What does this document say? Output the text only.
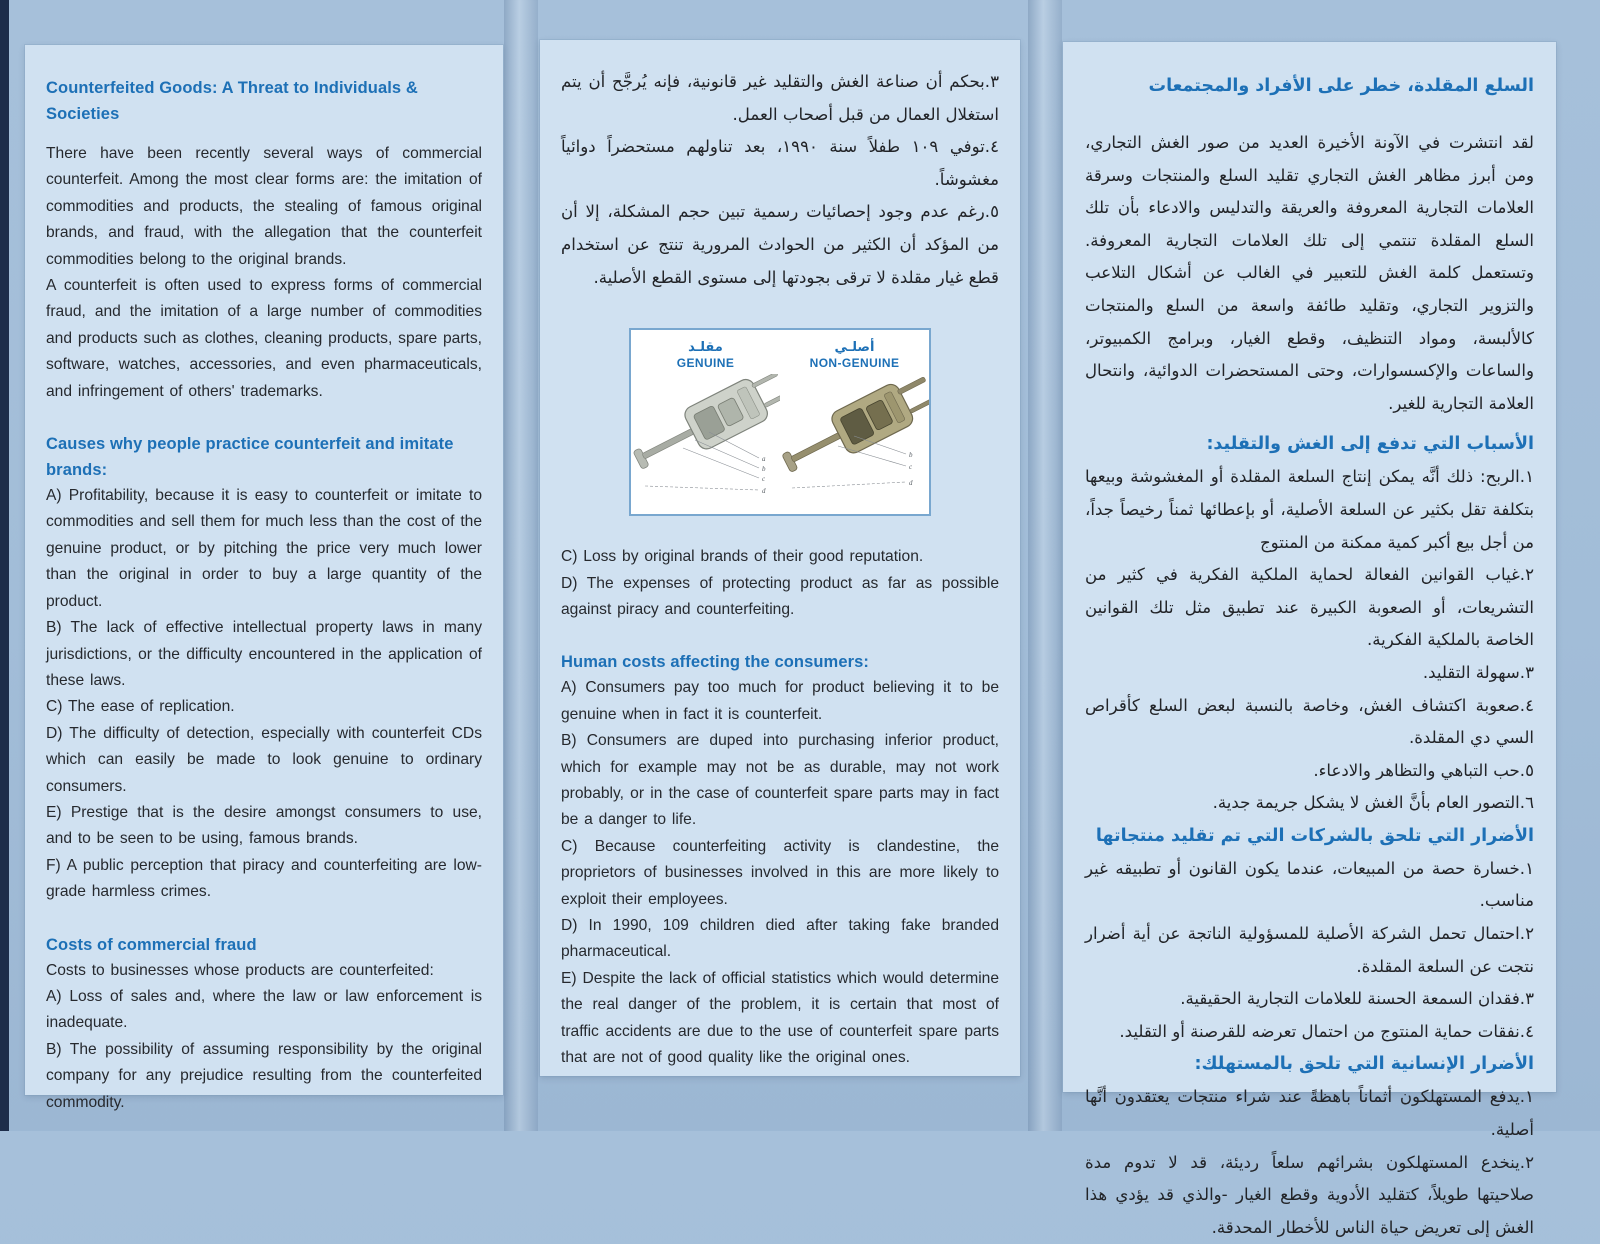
Counterfeited Goods: A Threat to Individuals & Societies

There have been recently several ways of commercial counterfeit. Among the most clear forms are: the imitation of commodities and products, the stealing of famous original brands, and fraud, with the allegation that the counterfeit commodities belong to the original brands.

A counterfeit is often used to express forms of commercial fraud, and the imitation of a large number of commodities and products such as clothes, cleaning products, spare parts, software, watches, accessories, and even pharmaceuticals, and infringement of others' trademarks.

Causes why people practice counterfeit and imitate brands:

A) Profitability, because it is easy to counterfeit or imitate to commodities and sell them for much less than the cost of the genuine product, or by pitching the price very much lower than the original in order to buy a large quantity of the product.

B) The lack of effective intellectual property laws in many jurisdictions, or the difficulty encountered in the application of these laws.

C) The ease of replication.

D) The difficulty of detection, especially with counterfeit CDs which can easily be made to look genuine to ordinary consumers.

E) Prestige that is the desire amongst consumers to use, and to be seen to be using, famous brands.

F) A public perception that piracy and counterfeiting are low-grade harmless crimes.

Costs of commercial fraud

Costs to businesses whose products are counterfeited:

A) Loss of sales and, where the law or law enforcement is inadequate.

B) The possibility of assuming responsibility by the original company for any prejudice resulting from the counterfeited commodity.

٣.بحكم أن صناعة الغش والتقليد غير قانونية، فإنه يُرجَّح أن يتم استغلال العمال من قبل أصحاب العمل.

٤.توفي ١٠٩ طفلاً سنة ١٩٩٠، بعد تناولهم مستحضراً دوائياً مغشوشاً.

٥.رغم عدم وجود إحصائيات رسمية تبين حجم المشكلة، إلا أن من المؤكد أن الكثير من الحوادث المرورية تنتج عن استخدام قطع غيار مقلدة لا ترقى بجودتها إلى مستوى القطع الأصلية.

مقلـد
GENUINE
أصلـي
NON-GENUINE
a
b
c
d
b
c
d

C) Loss by original brands of their good reputation.

D) The expenses of protecting product as far as possible against piracy and counterfeiting.

Human costs affecting the consumers:

A) Consumers pay too much for product believing it to be genuine when in fact it is counterfeit.

B) Consumers are duped into purchasing inferior product, which for example may not be as durable, may not work probably, or in the case of counterfeit spare parts may in fact be a danger to life.

C) Because counterfeiting activity is clandestine, the proprietors of businesses involved in this are more likely to exploit their employees.

D) In 1990, 109 children died after taking fake branded pharmaceutical.

E) Despite the lack of official statistics which would determine the real danger of the problem, it is certain that most of traffic accidents are due to the use of counterfeit spare parts that are not of good quality like the original ones.

السلع المقلدة، خطر على الأفراد والمجتمعات

لقد انتشرت في الآونة الأخيرة العديد من صور الغش التجاري، ومن أبرز مظاهر الغش التجاري تقليد السلع والمنتجات وسرقة العلامات التجارية المعروفة والعريقة والتدليس والادعاء بأن تلك السلع المقلدة تنتمي إلى تلك العلامات التجارية المعروفة. وتستعمل كلمة الغش للتعبير في الغالب عن أشكال التلاعب والتزوير التجاري، وتقليد طائفة واسعة من السلع والمنتجات كالألبسة، ومواد التنظيف، وقطع الغيار، وبرامج الكمبيوتر، والساعات والإكسسوارات، وحتى المستحضرات الدوائية، وانتحال العلامة التجارية للغير.

الأسباب التي تدفع إلى الغش والتقليد:

١.الربح: ذلك أنَّه يمكن إنتاج السلعة المقلدة أو المغشوشة وبيعها بتكلفة تقل بكثير عن السلعة الأصلية، أو بإعطائها ثمناً رخيصاً جداً، من أجل بيع أكبر كمية ممكنة من المنتوج

٢.غياب القوانين الفعالة لحماية الملكية الفكرية في كثير من التشريعات، أو الصعوبة الكبيرة عند تطبيق مثل تلك القوانين الخاصة بالملكية الفكرية.

٣.سهولة التقليد.

٤.صعوبة اكتشاف الغش، وخاصة بالنسبة لبعض السلع كأقراص السي دي المقلدة.

٥.حب التباهي والتظاهر والادعاء.

٦.التصور العام بأنَّ الغش لا يشكل جريمة جدية.

الأضرار التي تلحق بالشركات التي تم تقليد منتجاتها

١.خسارة حصة من المبيعات، عندما يكون القانون أو تطبيقه غير مناسب.

٢.احتمال تحمل الشركة الأصلية للمسؤولية الناتجة عن أية أضرار نتجت عن السلعة المقلدة.

٣.فقدان السمعة الحسنة للعلامات التجارية الحقيقية.

٤.نفقات حماية المنتوج من احتمال تعرضه للقرصنة أو التقليد.

الأضرار الإنسانية التي تلحق بالمستهلك:

١.يدفع المستهلكون أثماناً باهظةً عند شراء منتجات يعتقدون أنَّها أصلية.

٢.ينخدع المستهلكون بشرائهم سلعاً رديئة، قد لا تدوم مدة صلاحيتها طويلاً، كتقليد الأدوية وقطع الغيار -والذي قد يؤدي هذا الغش إلى تعريض حياة الناس للأخطار المحدقة.
